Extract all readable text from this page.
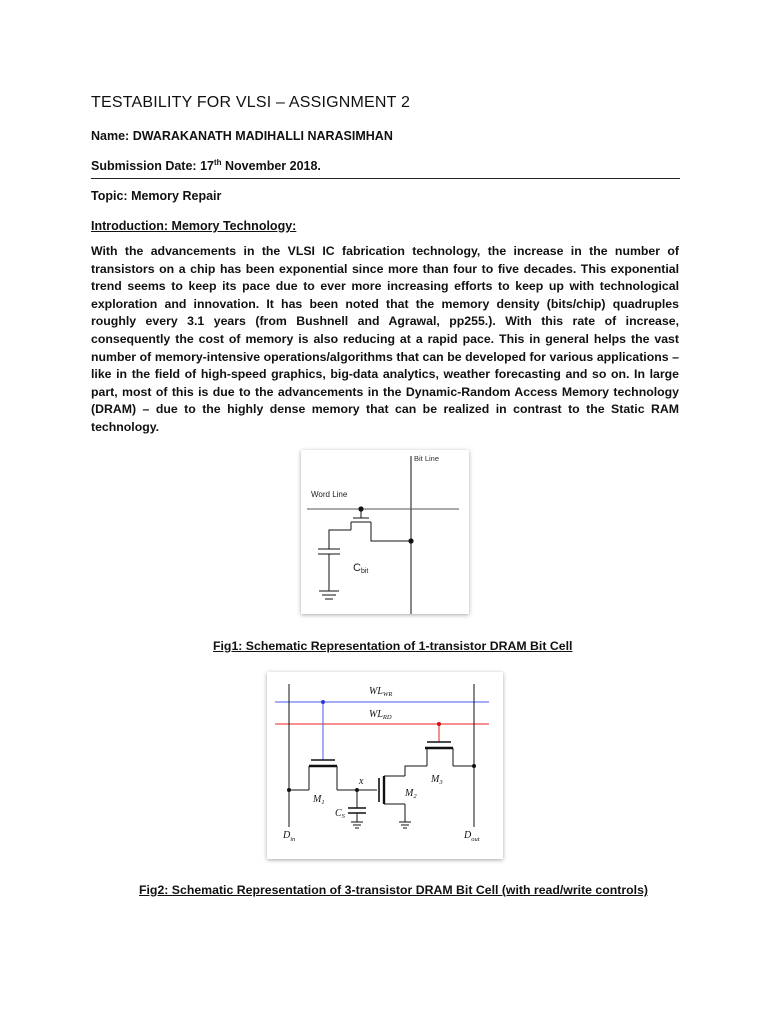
TESTABILITY FOR VLSI – ASSIGNMENT 2
Name: DWARAKANATH MADIHALLI NARASIMHAN
Submission Date: 17th November 2018.
Topic: Memory Repair
Introduction: Memory Technology:

With the advancements in the VLSI IC fabrication technology, the increase in the number of transistors on a chip has been exponential since more than four to five decades. This exponential trend seems to keep its pace due to ever more increasing efforts to keep up with technological exploration and innovation. It has been noted that the memory density (bits/chip) quadruples roughly every 3.1 years (from Bushnell and Agrawal, pp255.). With this rate of increase, consequently the cost of memory is also reducing at a rapid pace. This in general helps the vast number of memory-intensive operations/algorithms that can be developed for various applications – like in the field of high-speed graphics, big-data analytics, weather forecasting and so on. In large part, most of this is due to the advancements in the Dynamic-Random Access Memory technology (DRAM) – due to the highly dense memory that can be realized in contrast to the Static RAM technology.

Bit Line
Word Line
Cbit
Fig1: Schematic Representation of 1-transistor DRAM Bit Cell
$WL_{WR}$
$WL_{RD}$
x
$M_1$
$M_2$
$M_3$
$C_S$
$D_{in}$	$D_{out}$
Fig2: Schematic Representation of 3-transistor DRAM Bit Cell (with read/write controls)
